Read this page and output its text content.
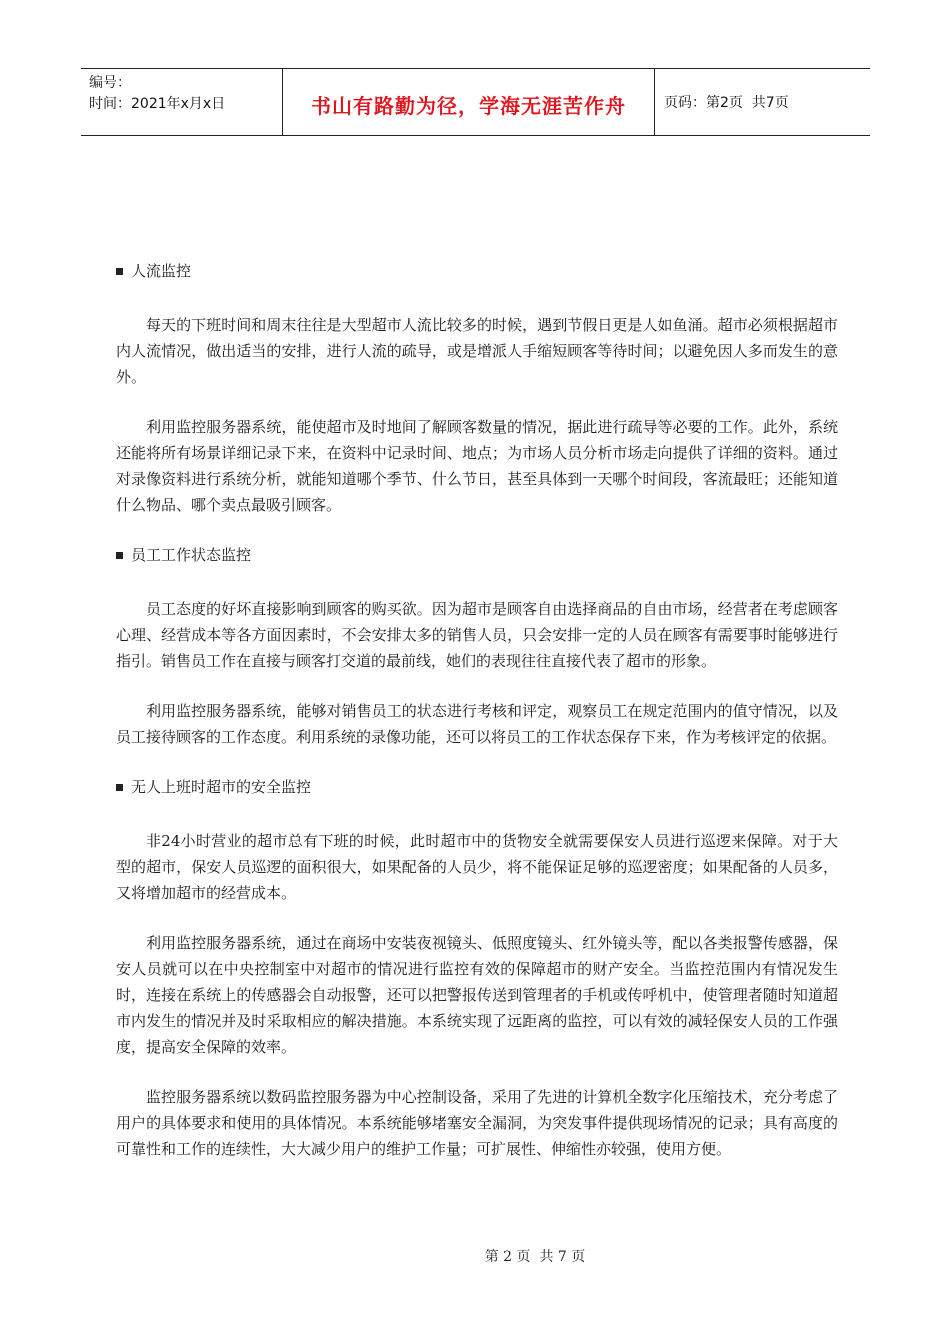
编号：
时间：2021年x月x日	书山有路勤为径，学海无涯苦作舟	页码：第2页  共7页
人流监控

每天的下班时间和周末往往是大型超市人流比较多的时候，遇到节假日更是人如鱼涌。超市必须根据超市内人流情况，做出适当的安排，进行人流的疏导，或是增派人手缩短顾客等待时间；以避免因人多而发生的意外。

利用监控服务器系统，能使超市及时地间了解顾客数量的情况，据此进行疏导等必要的工作。此外，系统还能将所有场景详细记录下来，在资料中记录时间、地点；为市场人员分析市场走向提供了详细的资料。通过对录像资料进行系统分析，就能知道哪个季节、什么节日，甚至具体到一天哪个时间段，客流最旺；还能知道什么物品、哪个卖点最吸引顾客。

员工工作状态监控

员工态度的好坏直接影响到顾客的购买欲。因为超市是顾客自由选择商品的自由市场，经营者在考虑顾客心理、经营成本等各方面因素时，不会安排太多的销售人员，只会安排一定的人员在顾客有需要事时能够进行指引。销售员工作在直接与顾客打交道的最前线，她们的表现往往直接代表了超市的形象。

利用监控服务器系统，能够对销售员工的状态进行考核和评定，观察员工在规定范围内的值守情况，以及员工接待顾客的工作态度。利用系统的录像功能，还可以将员工的工作状态保存下来，作为考核评定的依据。

无人上班时超市的安全监控

非24小时营业的超市总有下班的时候，此时超市中的货物安全就需要保安人员进行巡逻来保障。对于大型的超市，保安人员巡逻的面积很大，如果配备的人员少，将不能保证足够的巡逻密度；如果配备的人员多，又将增加超市的经营成本。

利用监控服务器系统，通过在商场中安装夜视镜头、低照度镜头、红外镜头等，配以各类报警传感器，保安人员就可以在中央控制室中对超市的情况进行监控有效的保障超市的财产安全。当监控范围内有情况发生时，连接在系统上的传感器会自动报警，还可以把警报传送到管理者的手机或传呼机中，使管理者随时知道超市内发生的情况并及时采取相应的解决措施。本系统实现了远距离的监控，可以有效的减轻保安人员的工作强度，提高安全保障的效率。

监控服务器系统以数码监控服务器为中心控制设备，采用了先进的计算机全数字化压缩技术，充分考虑了用户的具体要求和使用的具体情况。本系统能够堵塞安全漏洞，为突发事件提供现场情况的记录；具有高度的可靠性和工作的连续性，大大减少用户的维护工作量；可扩展性、伸缩性亦较强，使用方便。

第 2 页  共 7 页
